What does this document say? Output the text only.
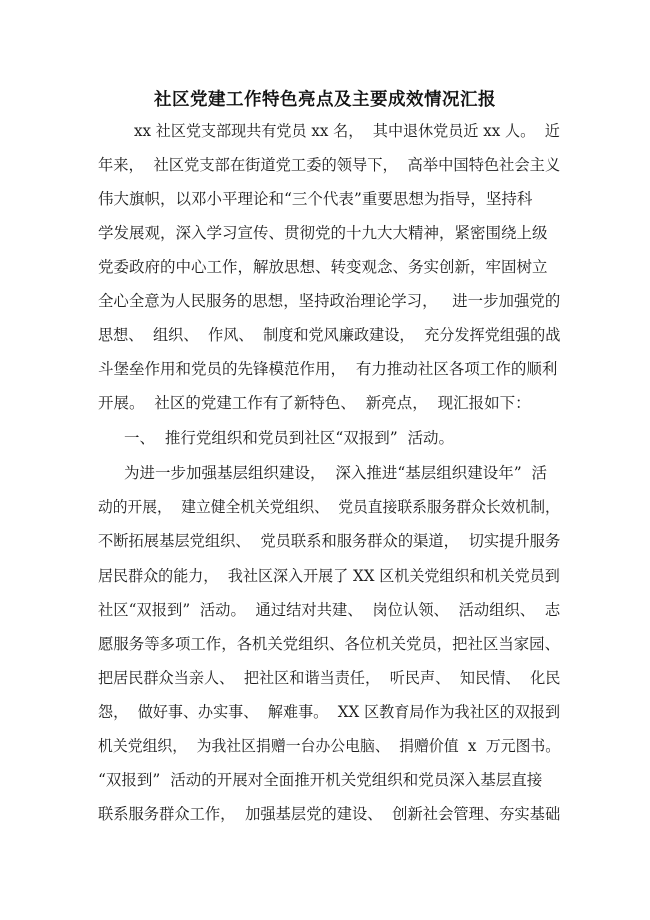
社区党建工作特色亮点及主要成效情况汇报
xx 社区党支部现共有党员 xx 名，  其中退休党员近 xx 人。  近
年来，  社区党支部在街道党工委的领导下，  高举中国特色社会主义
伟大旗帜，以邓小平理论和“三个代表”重要思想为指导，坚持科
学发展观，深入学习宣传、贯彻党的十九大大精神，紧密围绕上级
党委政府的中心工作，解放思想、转变观念、务实创新，牢固树立
全心全意为人民服务的思想，坚持政治理论学习，   进一步加强党的
思想、  组织、  作风、  制度和党风廉政建设，  充分发挥党组强的战
斗堡垒作用和党员的先锋模范作用，  有力推动社区各项工作的顺利
开展。  社区的党建工作有了新特色、  新亮点，  现汇报如下：
一、  推行党组织和党员到社区“双报到”  活动。
为进一步加强基层组织建设，  深入推进“基层组织建设年”  活
动的开展，  建立健全机关党组织、  党员直接联系服务群众长效机制，
不断拓展基层党组织、  党员联系和服务群众的渠道，  切实提升服务
居民群众的能力，  我社区深入开展了 XX 区机关党组织和机关党员到
社区“双报到”  活动。  通过结对共建、  岗位认领、  活动组织、  志
愿服务等多项工作，各机关党组织、各位机关党员，把社区当家园、
把居民群众当亲人、  把社区和谐当责任，  听民声、  知民情、  化民
怨，  做好事、办实事、  解难事。  XX 区教育局作为我社区的双报到
机关党组织，  为我社区捐赠一台办公电脑、  捐赠价值  x  万元图书。
“双报到”  活动的开展对全面推开机关党组织和党员深入基层直接
联系服务群众工作，  加强基层党的建设、  创新社会管理、夯实基础
